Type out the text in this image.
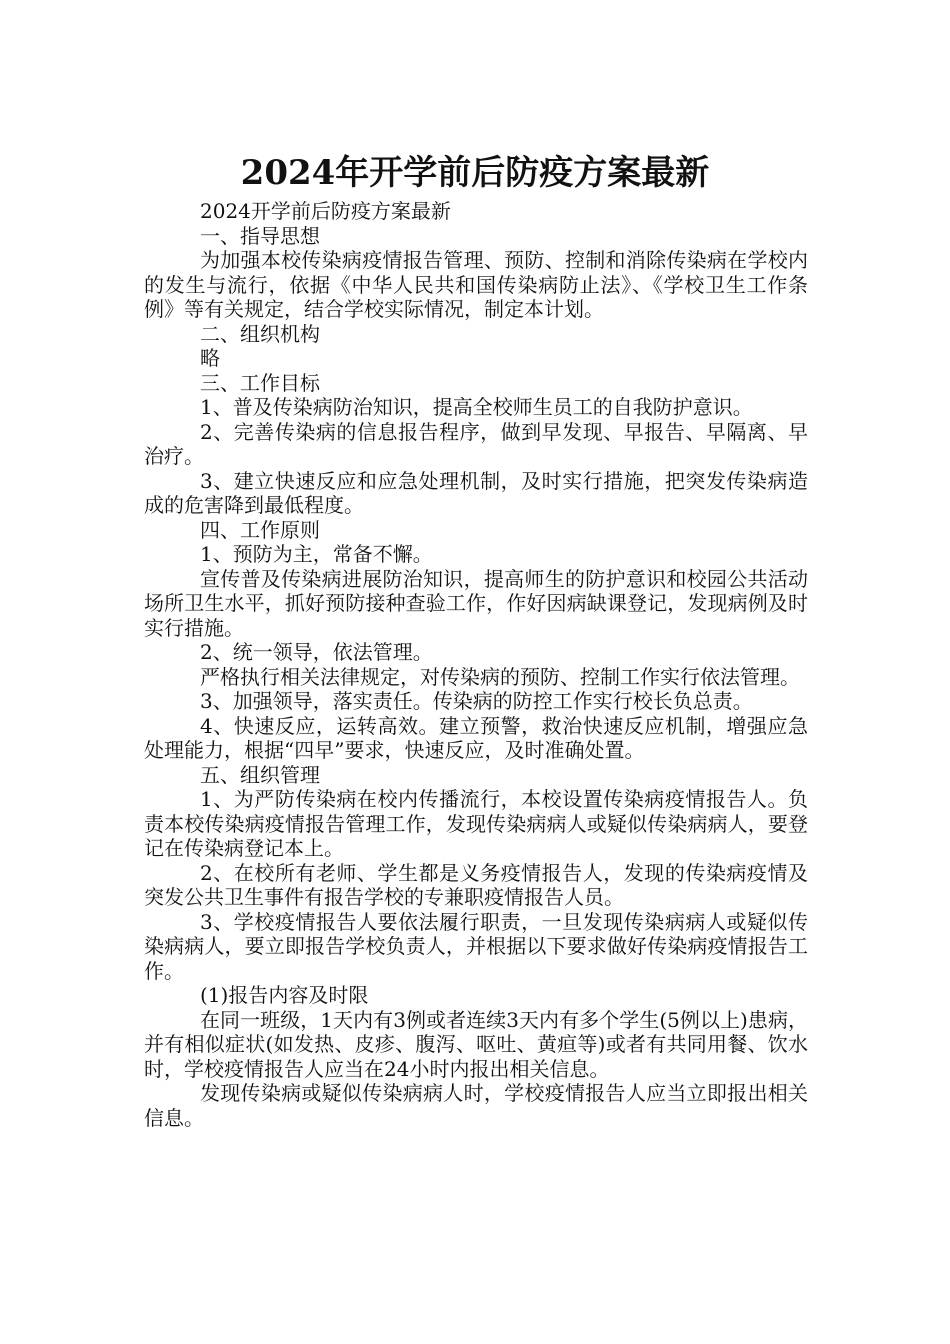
2024年开学前后防疫方案最新

2024开学前后防疫方案最新

一、指导思想

为加强本校传染病疫情报告管理、预防、控制和消除传染病在学校内的发生与流行，依据《中华人民共和国传染病防止法》、《学校卫生工作条例》等有关规定，结合学校实际情况，制定本计划。

二、组织机构

略

三、工作目标

1、普及传染病防治知识，提高全校师生员工的自我防护意识。

2、完善传染病的信息报告程序，做到早发现、早报告、早隔离、早治疗。

3、建立快速反应和应急处理机制，及时实行措施，把突发传染病造成的危害降到最低程度。

四、工作原则

1、预防为主，常备不懈。

宣传普及传染病进展防治知识，提高师生的防护意识和校园公共活动场所卫生水平，抓好预防接种查验工作，作好因病缺课登记，发现病例及时实行措施。

2、统一领导，依法管理。

严格执行相关法律规定，对传染病的预防、控制工作实行依法管理。

3、加强领导，落实责任。传染病的防控工作实行校长负总责。

4、快速反应，运转高效。建立预警，救治快速反应机制，增强应急处理能力，根据“四早”要求，快速反应，及时准确处置。

五、组织管理

1、为严防传染病在校内传播流行，本校设置传染病疫情报告人。负责本校传染病疫情报告管理工作，发现传染病病人或疑似传染病病人，要登记在传染病登记本上。

2、在校所有老师、学生都是义务疫情报告人，发现的传染病疫情及突发公共卫生事件有报告学校的专兼职疫情报告人员。

3、学校疫情报告人要依法履行职责，一旦发现传染病病人或疑似传染病病人，要立即报告学校负责人，并根据以下要求做好传染病疫情报告工作。

(1)报告内容及时限

在同一班级，1天内有3例或者连续3天内有多个学生(5例以上)患病，并有相似症状(如发热、皮疹、腹泻、呕吐、黄疸等)或者有共同用餐、饮水时，学校疫情报告人应当在24小时内报出相关信息。

发现传染病或疑似传染病病人时，学校疫情报告人应当立即报出相关信息。
